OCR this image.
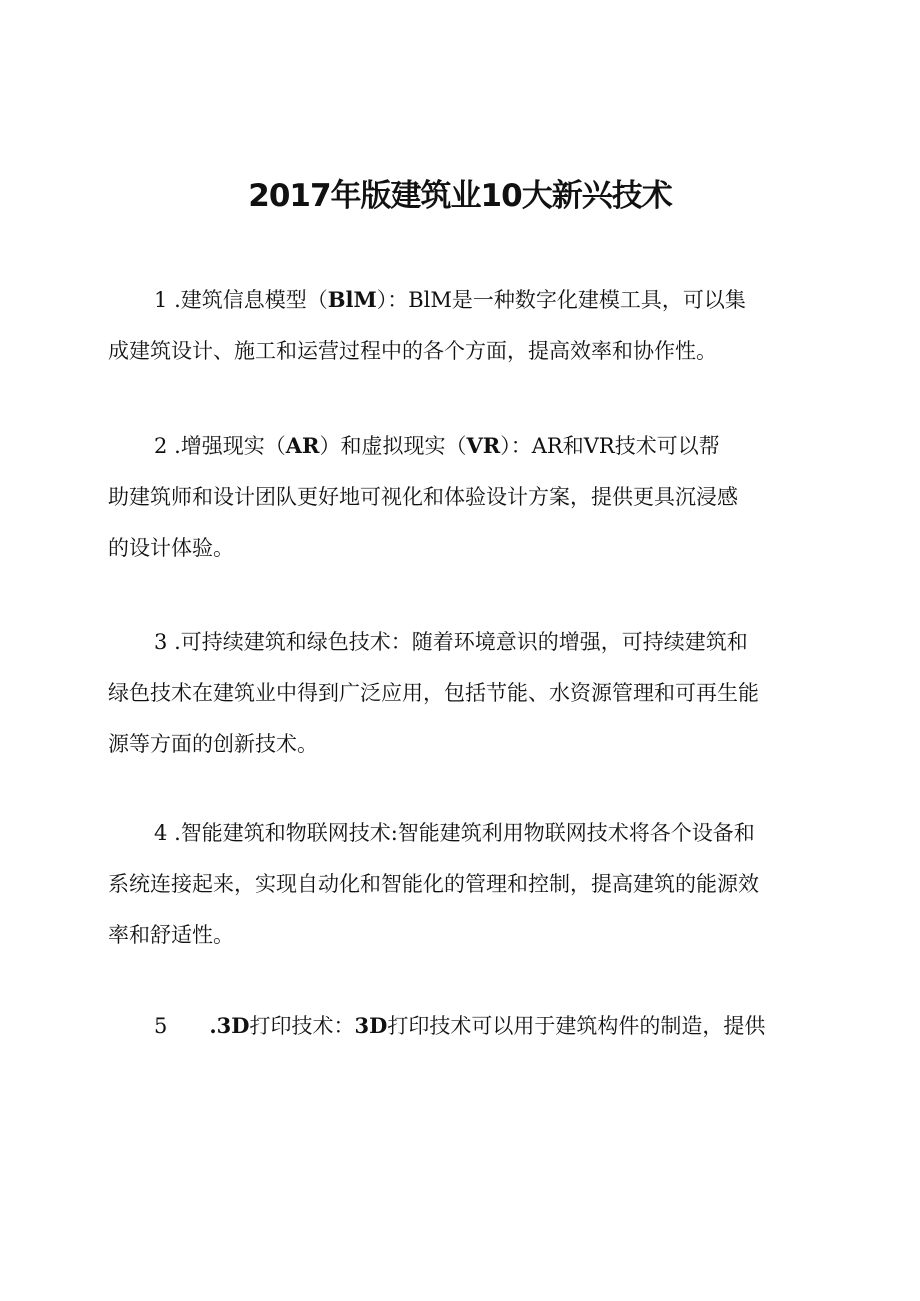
2017年版建筑业10大新兴技术

1 .建筑信息模型（BlM）：BlM是一种数字化建模工具，可以集
成建筑设计、施工和运营过程中的各个方面，提高效率和协作性。

2 .增强现实（AR）和虚拟现实（VR）：AR和VR技术可以帮
助建筑师和设计团队更好地可视化和体验设计方案，提供更具沉浸感
的设计体验。

3 .可持续建筑和绿色技术：随着环境意识的增强，可持续建筑和
绿色技术在建筑业中得到广泛应用，包括节能、水资源管理和可再生能
源等方面的创新技术。

4 .智能建筑和物联网技术:智能建筑利用物联网技术将各个设备和
系统连接起来，实现自动化和智能化的管理和控制，提高建筑的能源效
率和舒适性。

5 .3D打印技术：3D打印技术可以用于建筑构件的制造，提供
